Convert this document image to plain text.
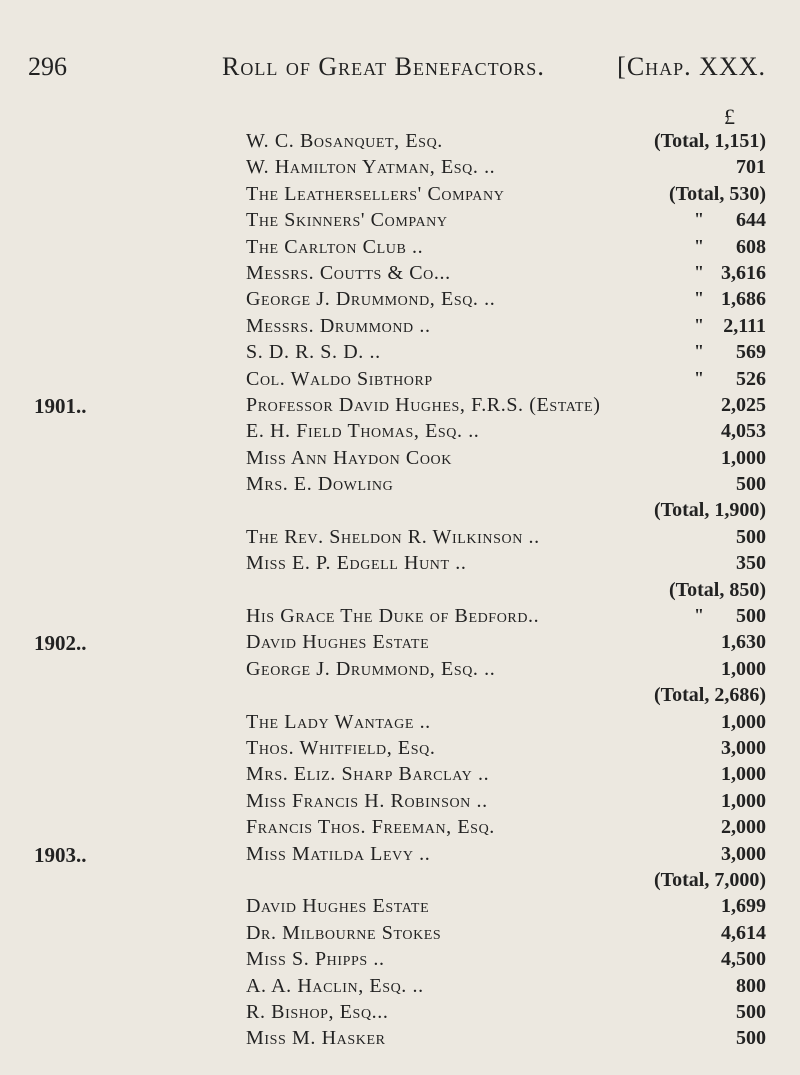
296	Roll of Great Benefactors.	[Chap. XXX.
£
W. C. Bosanquet, Esq.	(Total, 1,151)
W. Hamilton Yatman, Esq. ..	701
The Leathersellers' Company	(Total, 530)
The Skinners' Company	" 644
The Carlton Club ..	" 608
Messrs. Coutts & Co...	" 3,616
George J. Drummond, Esq. ..	" 1,686
Messrs. Drummond ..	" 2,111
S. D. R. S. D. ..	" 569
Col. Waldo Sibthorp	" 526
1901..	Professor David Hughes, F.R.S. (Estate)	2,025
E. H. Field Thomas, Esq. ..	4,053
Miss Ann Haydon Cook	1,000
Mrs. E. Dowling	500
(Total, 1,900)
The Rev. Sheldon R. Wilkinson ..	500
Miss E. P. Edgell Hunt ..	350
(Total, 850)
His Grace The Duke of Bedford..	" 500
1902..	David Hughes Estate	1,630
George J. Drummond, Esq. ..	1,000
(Total, 2,686)
The Lady Wantage ..	1,000
Thos. Whitfield, Esq.	3,000
Mrs. Eliz. Sharp Barclay ..	1,000
Miss Francis H. Robinson ..	1,000
Francis Thos. Freeman, Esq.	2,000
1903..	Miss Matilda Levy ..	3,000
(Total, 7,000)
David Hughes Estate	1,699
Dr. Milbourne Stokes	4,614
Miss S. Phipps ..	4,500
A. A. Haclin, Esq. ..	800
R. Bishop, Esq...	500
Miss M. Hasker	500
